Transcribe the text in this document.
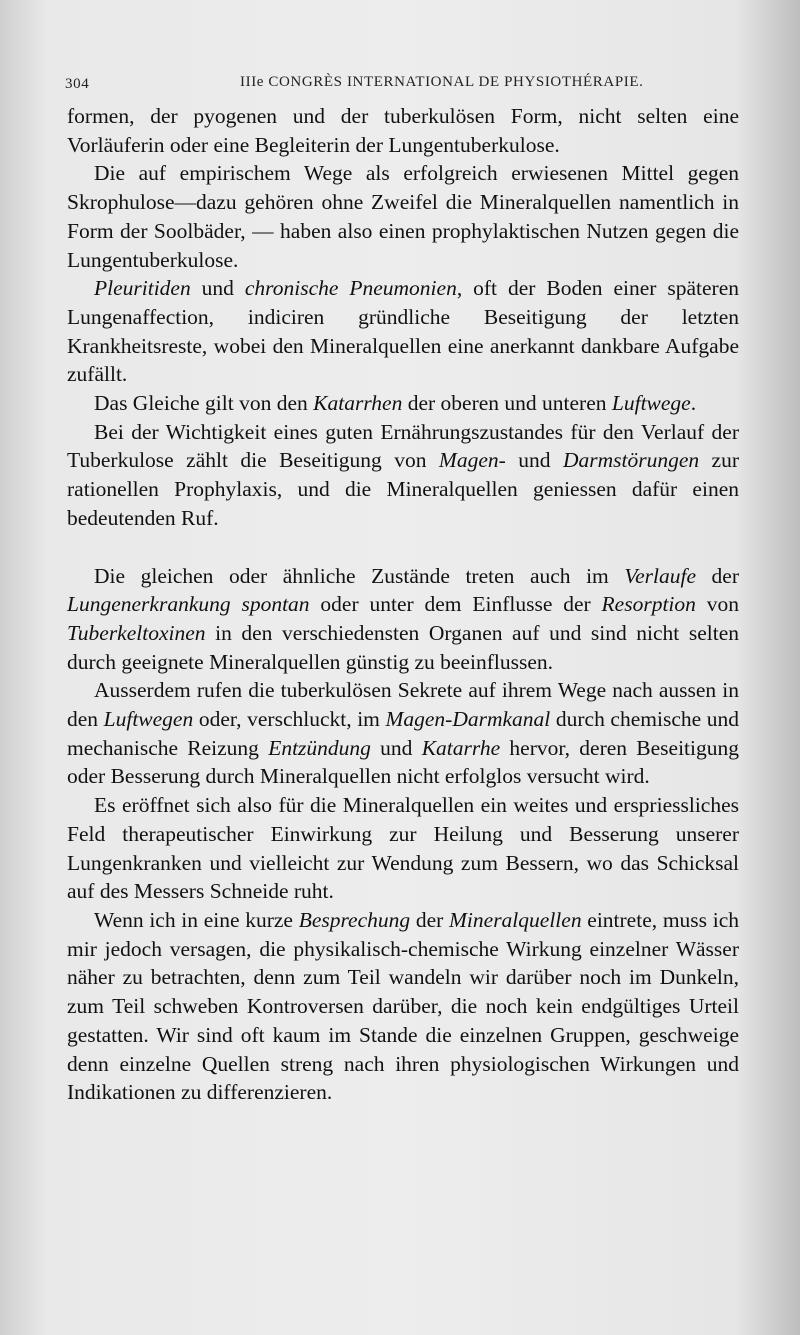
304	IIIe CONGRÈS INTERNATIONAL DE PHYSIOTHÉRAPIE.

formen, der pyogenen und der tuberkulösen Form, nicht selten eine Vorläuferin oder eine Begleiterin der Lungentuberkulose.

Die auf empirischem Wege als erfolgreich erwiesenen Mittel gegen Skrophulose—dazu gehören ohne Zweifel die Mineralquellen namentlich in Form der Soolbäder, — haben also einen prophylaktischen Nutzen gegen die Lungentuberkulose.

Pleuritiden und chronische Pneumonien, oft der Boden einer späteren Lungenaffection, indiciren gründliche Beseitigung der letzten Krankheitsreste, wobei den Mineralquellen eine anerkannt dankbare Aufgabe zufällt.

Das Gleiche gilt von den Katarrhen der oberen und unteren Luftwege.

Bei der Wichtigkeit eines guten Ernährungszustandes für den Verlauf der Tuberkulose zählt die Beseitigung von Magen- und Darmstörungen zur rationellen Prophylaxis, und die Mineralquellen geniessen dafür einen bedeutenden Ruf.

Die gleichen oder ähnliche Zustände treten auch im Verlaufe der Lungenerkrankung spontan oder unter dem Einflusse der Resorption von Tuberkeltoxinen in den verschiedensten Organen auf und sind nicht selten durch geeignete Mineralquellen günstig zu beeinflussen.

Ausserdem rufen die tuberkulösen Sekrete auf ihrem Wege nach aussen in den Luftwegen oder, verschluckt, im Magen-Darmkanal durch chemische und mechanische Reizung Entzündung und Katarrhe hervor, deren Beseitigung oder Besserung durch Mineralquellen nicht erfolglos versucht wird.

Es eröffnet sich also für die Mineralquellen ein weites und erspriessliches Feld therapeutischer Einwirkung zur Heilung und Besserung unserer Lungenkranken und vielleicht zur Wendung zum Bessern, wo das Schicksal auf des Messers Schneide ruht.

Wenn ich in eine kurze Besprechung der Mineralquellen eintrete, muss ich mir jedoch versagen, die physikalisch-chemische Wirkung einzelner Wässer näher zu betrachten, denn zum Teil wandeln wir darüber noch im Dunkeln, zum Teil schweben Kontroversen darüber, die noch kein endgültiges Urteil gestatten. Wir sind oft kaum im Stande die einzelnen Gruppen, geschweige denn einzelne Quellen streng nach ihren physiologischen Wirkungen und Indikationen zu differenzieren.
